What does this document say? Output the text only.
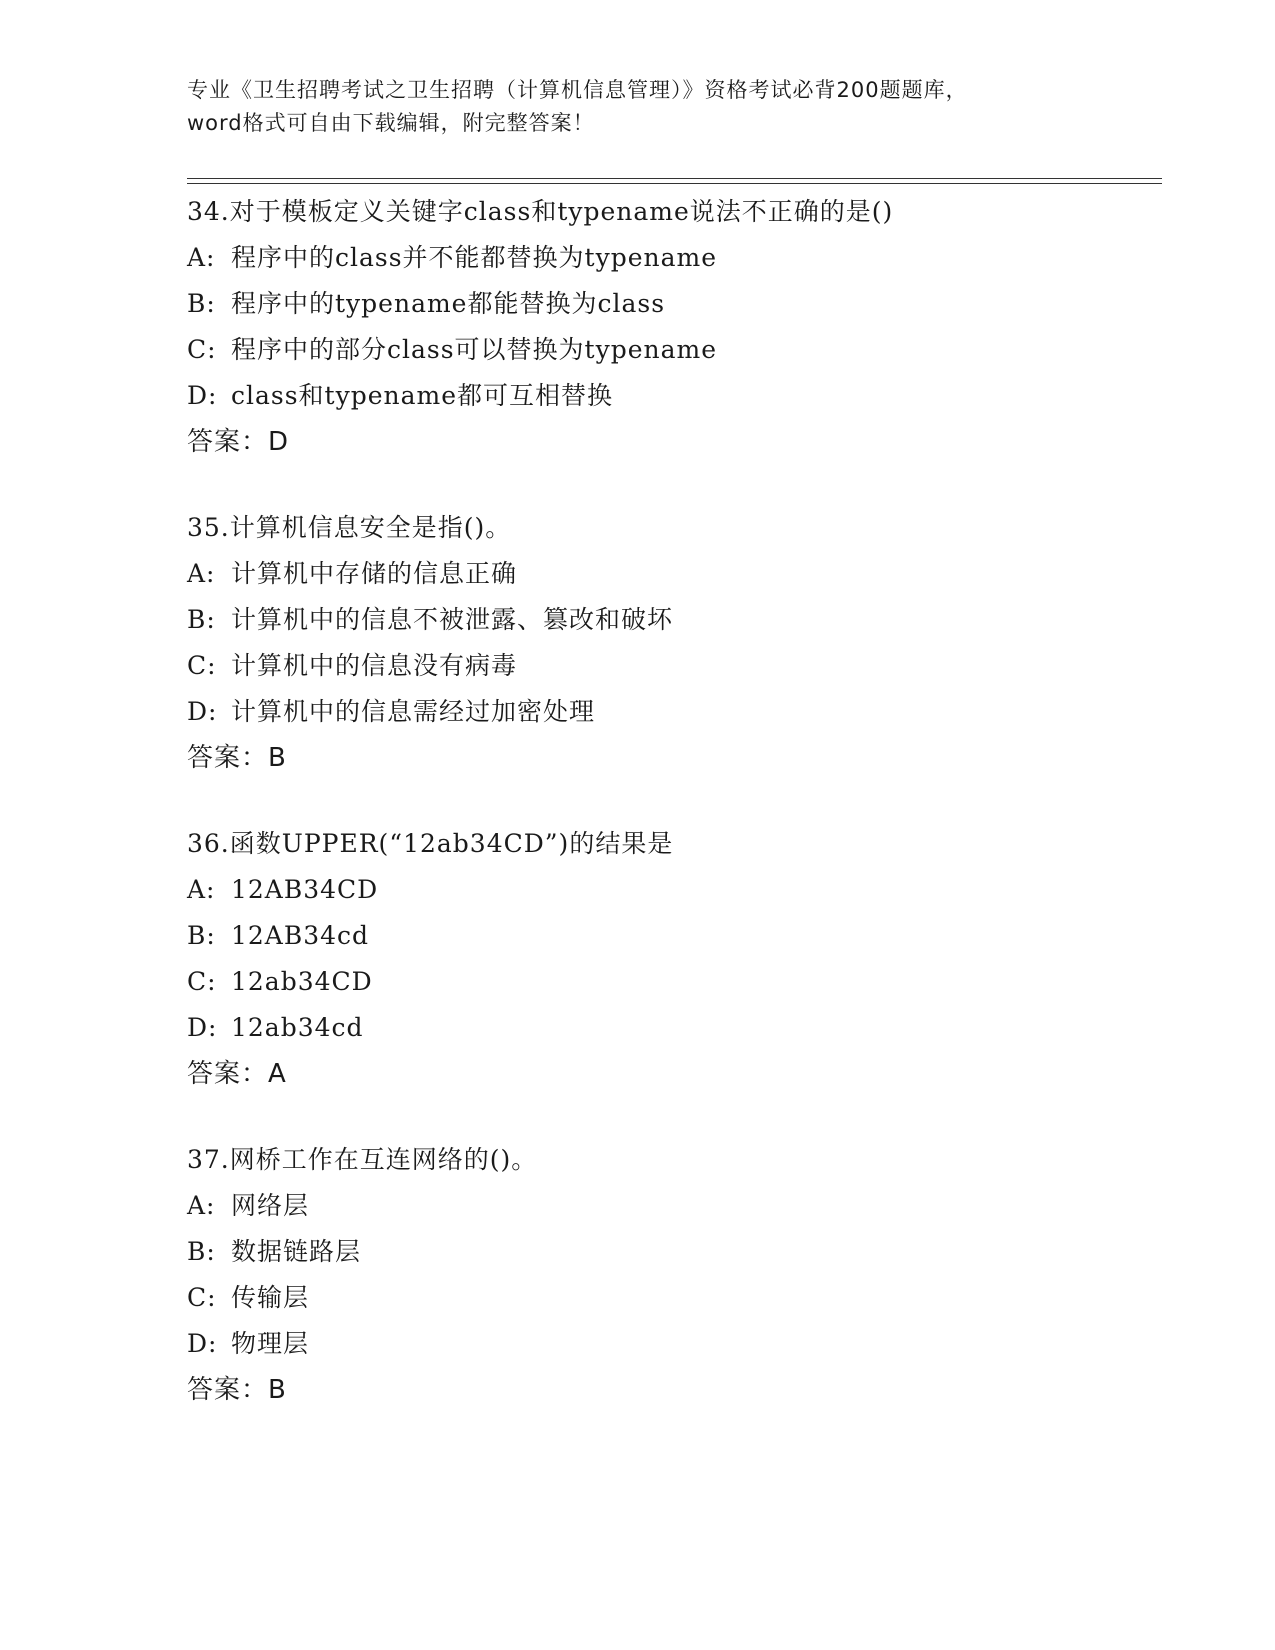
专业《卫生招聘考试之卫生招聘（计算机信息管理）》资格考试必背200题题库，
word格式可自由下载编辑，附完整答案！
34.对于模板定义关键字class和typename说法不正确的是()
A: 程序中的class并不能都替换为typename
B: 程序中的typename都能替换为class
C: 程序中的部分class可以替换为typename
D: class和typename都可互相替换
答案：D
35.计算机信息安全是指()。
A: 计算机中存储的信息正确
B: 计算机中的信息不被泄露、篡改和破坏
C: 计算机中的信息没有病毒
D: 计算机中的信息需经过加密处理
答案：B
36.函数UPPER(“12ab34CD”)的结果是
A: 12AB34CD
B: 12AB34cd
C: 12ab34CD
D: 12ab34cd
答案：A
37.网桥工作在互连网络的()。
A: 网络层
B: 数据链路层
C: 传输层
D: 物理层
答案：B
